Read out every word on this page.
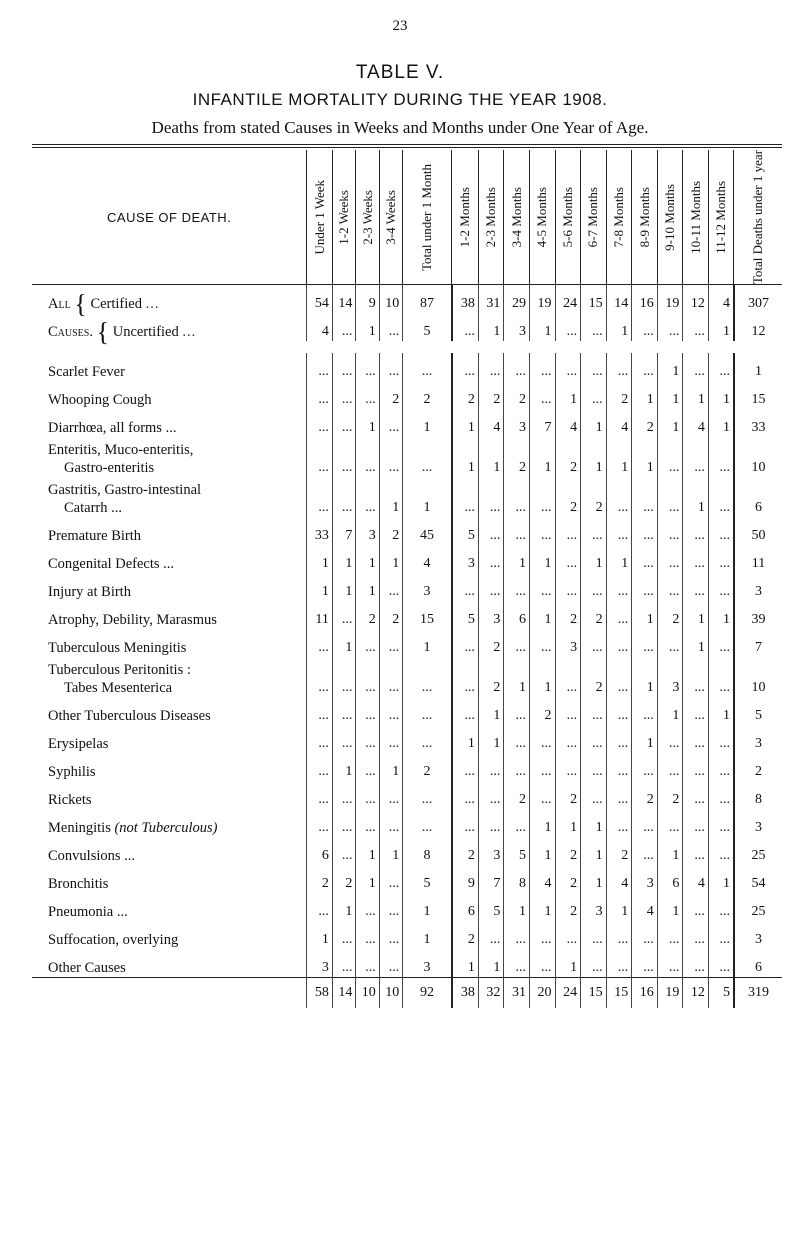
23
TABLE V.
INFANTILE MORTALITY DURING THE YEAR 1908.
Deaths from stated Causes in Weeks and Months under One Year of Age.
CAUSE OF DEATH.	Under 1 Week	1-2 Weeks	2-3 Weeks	3-4 Weeks	Total under 1 Month	1-2 Months	2-3 Months	3-4 Months	4-5 Months	5-6 Months	6-7 Months	7-8 Months	8-9 Months	9-10 Months	10-11 Months	11-12 Months	Total Deaths under 1 year

All { Certified ...	54	14	9	10	87	38	31	29	19	24	15	14	16	19	12	4	307
Causes. { Uncertified ...	4	...	1	...	5	...	1	3	1	...	...	1	...	...	...	1	12

Scarlet Fever	...	...	...	...	...	...	...	...	...	...	...	...	...	1	...	...	1
Whooping Cough	...	...	...	2	2	2	2	2	...	1	...	2	1	1	1	1	15
Diarrhœa, all forms ...	...	...	1	...	1	1	4	3	7	4	1	4	2	1	4	1	33
Enteritis, Muco-enteritis,
Gastro-enteritis	...	...	...	...	...	1	1	2	1	2	1	1	1	...	...	...	10
Gastritis, Gastro-intestinal
Catarrh ...	...	...	...	1	1	...	...	...	...	2	2	...	...	...	1	...	6
Premature Birth	33	7	3	2	45	5	...	...	...	...	...	...	...	...	...	...	50
Congenital Defects ...	1	1	1	1	4	3	...	1	1	...	1	1	...	...	...	...	11
Injury at Birth	1	1	1	...	3	...	...	...	...	...	...	...	...	...	...	...	3
Atrophy, Debility, Marasmus	11	...	2	2	15	5	3	6	1	2	2	...	1	2	1	1	39
Tuberculous Meningitis	...	1	...	...	1	...	2	...	...	3	...	...	...	...	1	...	7
Tuberculous Peritonitis :
Tabes Mesenterica	...	...	...	...	...	...	2	1	1	...	2	...	1	3	...	...	10
Other Tuberculous Diseases	...	...	...	...	...	...	1	...	2	...	...	...	...	1	...	1	5
Erysipelas	...	...	...	...	...	1	1	...	...	...	...	...	1	...	...	...	3
Syphilis	...	1	...	1	2	...	...	...	...	...	...	...	...	...	...	...	2
Rickets	...	...	...	...	...	...	...	2	...	2	...	...	2	2	...	...	8
Meningitis (not Tuberculous)	...	...	...	...	...	...	...	...	1	1	1	...	...	...	...	...	3
Convulsions ...	6	...	1	1	8	2	3	5	1	2	1	2	...	1	...	...	25
Bronchitis	2	2	1	...	5	9	7	8	4	2	1	4	3	6	4	1	54
Pneumonia ...	...	1	...	...	1	6	5	1	1	2	3	1	4	1	...	...	25
Suffocation, overlying	1	...	...	...	1	2	...	...	...	...	...	...	...	...	...	...	3
Other Causes	3	...	...	...	3	1	1	...	...	1	...	...	...	...	...	...	6
	58	14	10	10	92	38	32	31	20	24	15	15	16	19	12	5	319
